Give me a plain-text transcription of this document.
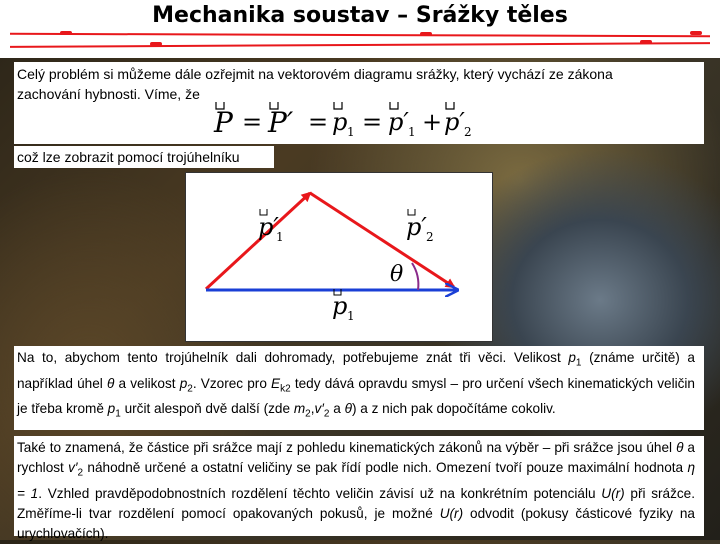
Mechanika soustav – Srážky těles
Celý problém si můžeme dále ozřejmit na vektorovém diagramu srážky, který vychází ze zákona
zachování hybnosti. Víme, že
P = P′ = p 1 = p′ 1 + p′ 2
což lze zobrazit pomocí trojúhelníku
p′
1	p′ 2
θ
p 1
Na to, abychom tento trojúhelník dali dohromady, potřebujeme znát tři věci. Velikost $p_1$ (známe určitě) a například úhel θ a velikost $p_2$. Vzorec pro $E_{k2}$ tedy dává opravdu smysl – pro určení všech kinematických veličin je třeba kromě $p_1$ určit alespoň dvě další (zde $m_2,v'_2$ a θ) a z nich pak dopočítáme cokoliv.
Také to znamená, že částice při srážce mají z pohledu kinematických zákonů na výběr – při srážce jsou úhel θ a rychlost $v'_2$ náhodně určené a ostatní veličiny se pak řídí podle nich. Omezení tvoří pouze maximální hodnota η = 1. Vzhled pravděpodobnostních rozdělení těchto veličin závisí už na konkrétním potenciálu U(r) při srážce. Změříme-li tvar rozdělení pomocí opakovaných pokusů, je možné U(r) odvodit (pokusy částicové fyziky na urychlovačích).
